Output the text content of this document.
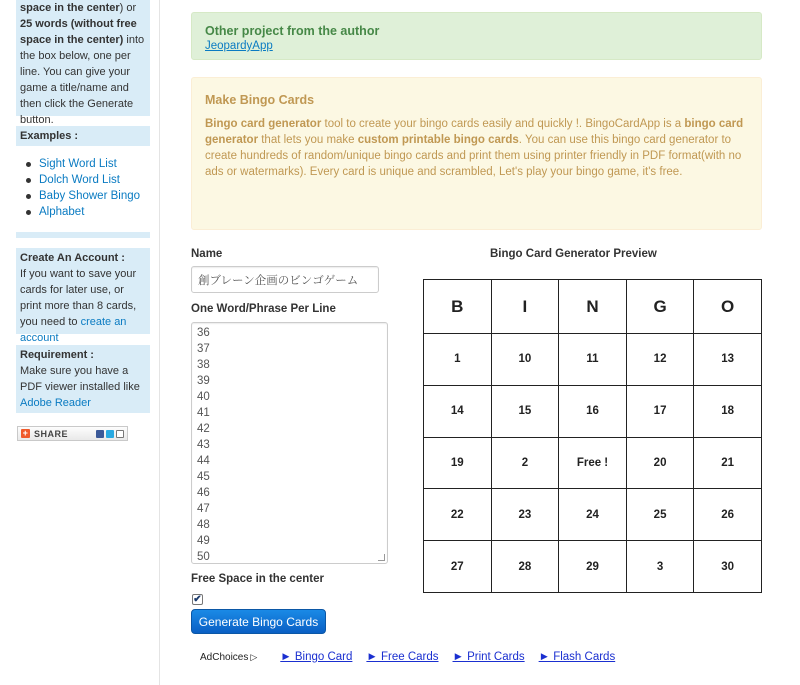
space in the center) or 25 words (without free space in the center) into the box below, one per line. You can give your game a title/name and then click the Generate button.
Examples :
Sight Word List
Dolch Word List
Baby Shower Bingo
Alphabet
Create An Account :
If you want to save your cards for later use, or print more than 8 cards, you need to create an account
Requirement :
Make sure you have a PDF viewer installed like Adobe Reader
+ SHARE
Other project from the author
JeopardyApp
Make Bingo Cards

Bingo card generator tool to create your bingo cards easily and quickly !. BingoCardApp is a bingo card generator that lets you make custom printable bingo cards. You can use this bingo card generator to create hundreds of random/unique bingo cards and print them using printer friendly in PDF format(with no ads or watermarks). Every card is unique and scrambled, Let's play your bingo game, it's free.

Name
創ブレーン企画のビンゴゲーム
One Word/Phrase Per Line
36
37
38
39
40
41
42
43
44
45
46
47
48
49
50
Free Space in the center
✔
Generate Bingo Cards
AdChoices ▷ ► Bingo Card ► Free Cards ► Print Cards ► Flash Cards
Bingo Card Generator Preview
B	I	N	G	O
1	10	11	12	13
14	15	16	17	18
19	2	Free !	20	21
22	23	24	25	26
27	28	29	3	30
